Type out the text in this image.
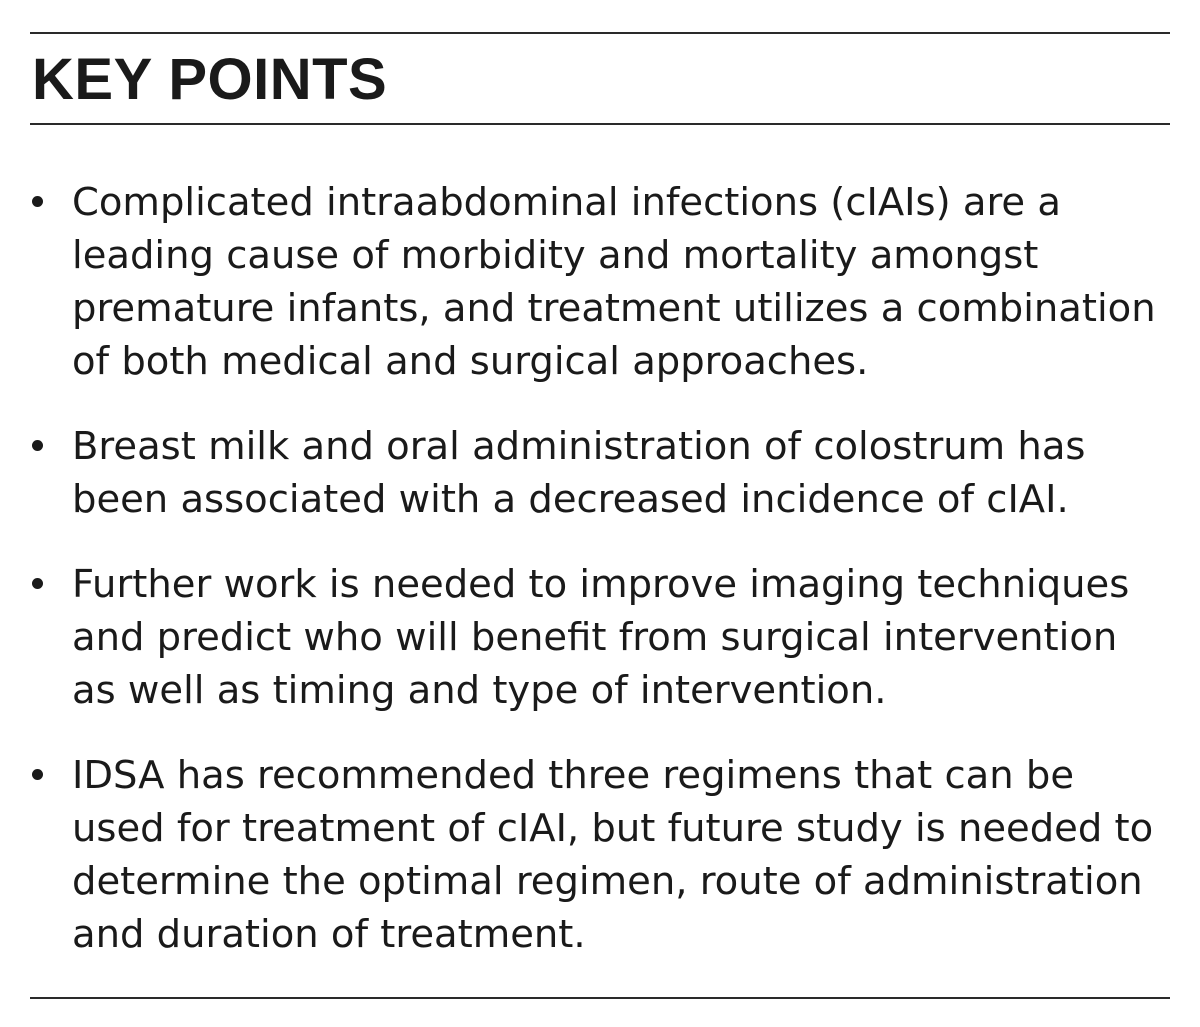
KEY POINTS
Complicated intraabdominal infections (cIAIs) are a
leading cause of morbidity and mortality amongst
premature infants, and treatment utilizes a combination
of both medical and surgical approaches.
Breast milk and oral administration of colostrum has
been associated with a decreased incidence of cIAI.
Further work is needed to improve imaging techniques
and predict who will benefit from surgical intervention
as well as timing and type of intervention.
IDSA has recommended three regimens that can be
used for treatment of cIAI, but future study is needed to
determine the optimal regimen, route of administration
and duration of treatment.
